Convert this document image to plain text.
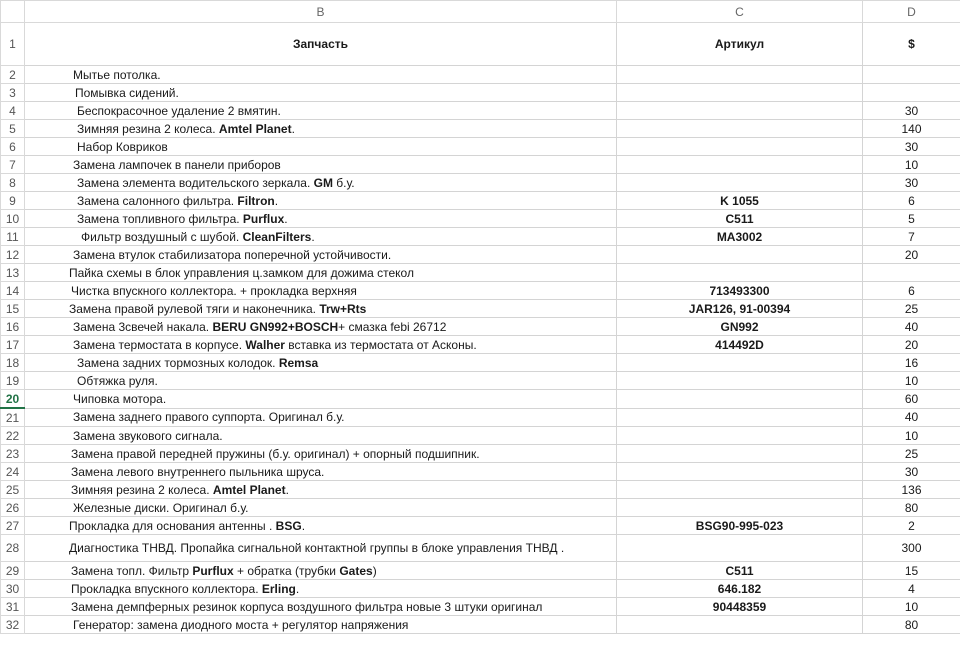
	B	C	D
1	Запчасть	Артикул	$
2	Мытье потолка.		
3	Помывка сидений.		
4	Беспокрасочное удаление 2 вмятин.		30
5	Зимняя резина 2 колеса. Amtel Planet.		140
6	Набор Ковриков		30
7	Замена лампочек в панели приборов		10
8	Замена элемента водительского зеркала. GM б.у.		30
9	Замена салонного фильтра. Filtron.	K 1055	6
10	Замена топливного фильтра. Purflux.	C511	5
11	Фильтр воздушный с шубой. CleanFilters.	MA3002	7
12	Замена втулок стабилизатора поперечной устойчивости.		20
13	Пайка схемы в блок управления ц.замком для дожима стекол		
14	Чистка впускного коллектора. + прокладка верхняя	713493300	6
15	Замена правой рулевой тяги и наконечника. Trw+Rts	JAR126, 91-00394	25
16	Замена 3свечей накала. BERU GN992+BOSCH+ смазка febi 26712	GN992	40
17	Замена термостата в корпусе. Walher вставка из термостата от Асконы.	414492D	20
18	Замена задних тормозных колодок. Remsa		16
19	Обтяжка руля.		10
20	Чиповка мотора.		60
21	Замена заднего правого суппорта. Оригинал б.у.		40
22	Замена звукового сигнала.		10
23	Замена правой передней пружины (б.у. оригинал) + опорный подшипник.		25
24	Замена левого внутреннего пыльника шруса.		30
25	Зимняя резина 2 колеса. Amtel Planet.		136
26	Железные диски. Оригинал б.у.		80
27	Прокладка для основания антенны . BSG.	BSG90-995-023	2
28	Диагностика ТНВД. Пропайка сигнальной контактной группы в блоке управления ТНВД .		300
29	Замена топл. Фильтр Purflux + обратка (трубки Gates)	C511	15
30	Прокладка впускного коллектора. Erling.	646.182	4
31	Замена демпферных резинок корпуса воздушного фильтра новые 3 штуки оригинал	90448359	10
32	Генератор: замена диодного моста + регулятор напряжения		80
